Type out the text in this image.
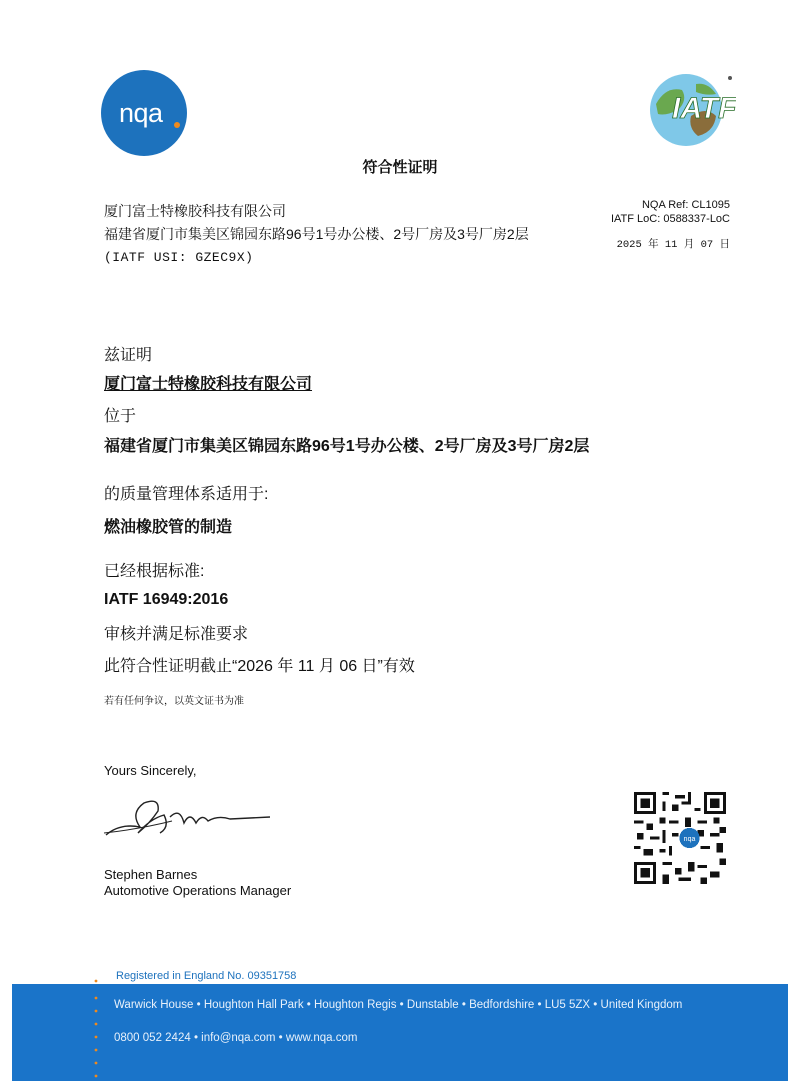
nqa	IATF
符合性证明
厦门富士特橡胶科技有限公司
福建省厦门市集美区锦园东路96号1号办公楼、2号厂房及3号厂房2层
(IATF USI: GZEC9X)
NQA Ref: CL1095
IATF LoC: 0588337-LoC
2025 年 11 月 07 日
兹证明
厦门富士特橡胶科技有限公司
位于
福建省厦门市集美区锦园东路96号1号办公楼、2号厂房及3号厂房2层
的质量管理体系适用于:
燃油橡胶管的制造
已经根据标准:
IATF 16949:2016
审核并满足标准要求
此符合性证明截止“2026 年 11 月 06 日”有效
若有任何争议，以英文证书为准
Yours Sincerely,
Stephen Barnes
Automotive Operations Manager
nqa
Registered in England No. 09351758
Warwick House • Houghton Hall Park • Houghton Regis • Dunstable • Bedfordshire • LU5 5ZX • United Kingdom
0800 052 2424 • info@nqa.com • www.nqa.com
